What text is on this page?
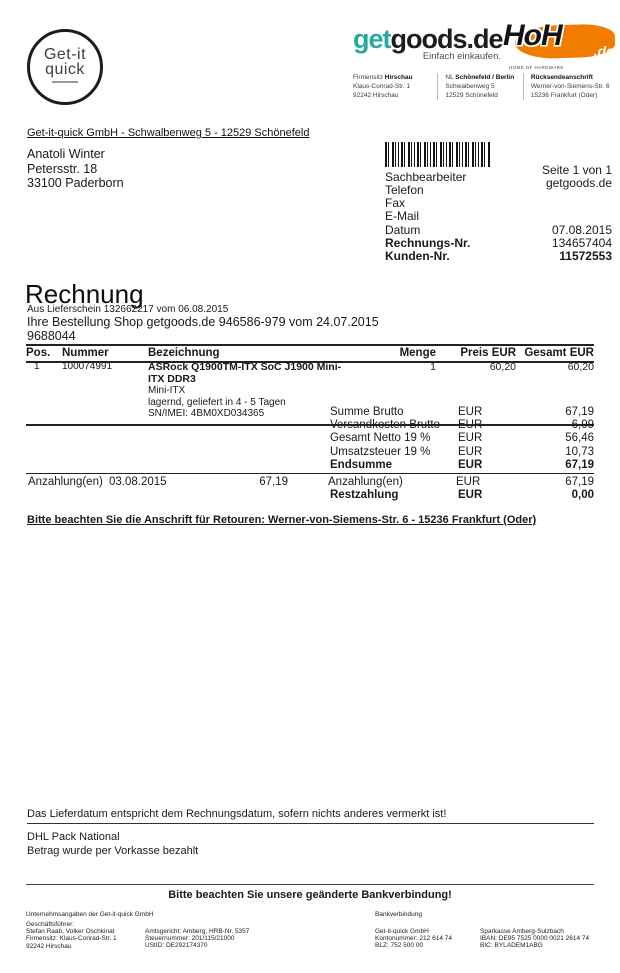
Get-it
quick
getgoods.de
Einfach einkaufen.
HoH .de
HOME OF HARDWARE
Firmensitz Hirschau
Klaus-Conrad-Str. 1
92242 Hirschau
NL Schönefeld / Berlin
Schwalbenweg 5
12529 Schönefeld
Rücksendeanschrift
Werner-von-Siemens-Str. 6
15236 Frankfurt (Oder)
Get-it-quick GmbH - Schwalbenweg 5 - 12529 Schönefeld
Anatoli Winter
Petersstr. 18
33100 Paderborn	Sachbearbeiter
Telefon
Fax
E-Mail
Seite 1 von 1
getgoods.de
Datum	07.08.2015
Rechnungs-Nr.	134657404
Kunden-Nr.	11572553
Rechnung
Aus Lieferschein 132662217 vom 06.08.2015
Ihre Bestellung Shop getgoods.de 946586-979 vom 24.07.2015
9688044
Pos.	Nummer	Bezeichnung	Menge	Preis EUR Gesamt EUR
1	100074991	ASRock Q1900TM-ITX SoC J1900 Mini-ITX DDR3
Mini-ITX
lagernd, geliefert in 4 - 5 Tagen
SN/IMEI: 4BM0XD034365
1	60,20	60,20
Summe Brutto	EUR	67,19
Versandkosten Brutto	EUR	6,99
Gesamt Netto 19 %	EUR	56,46
Umsatzsteuer 19 %	EUR	10,73
Endsumme	EUR	67,19
Anzahlung(en) 03.08.2015	67,19	Anzahlung(en)	EUR	67,19
Restzahlung	EUR	0,00
Bitte beachten Sie die Anschrift für Retouren: Werner-von-Siemens-Str. 6 - 15236 Frankfurt (Oder)
Das Lieferdatum entspricht dem Rechnungsdatum, sofern nichts anderes vermerkt ist!
DHL Pack National
Betrag wurde per Vorkasse bezahlt
Bitte beachten Sie unsere geänderte Bankverbindung!
Unternehmsangaben der Get-it-quick GmbH	Bankverbindung
Geschäftsführer:
Stefan Raab, Volker Oschkinat
Firmensitz: Klaus-Conrad-Str. 1
92242 Hirschau
Amtsgericht: Amberg, HRB-Nr. 5357
Steuernummer: 201/115/21000
UStID: DE292174370
Get-it-quick GmbH
Kontonummer: 212 614 74
BLZ: 752 500 00
Sparkasse Amberg-Sulzbach
IBAN: DE95 7525 0000 0021 2614 74
BIC: BYLADEM1ABG
